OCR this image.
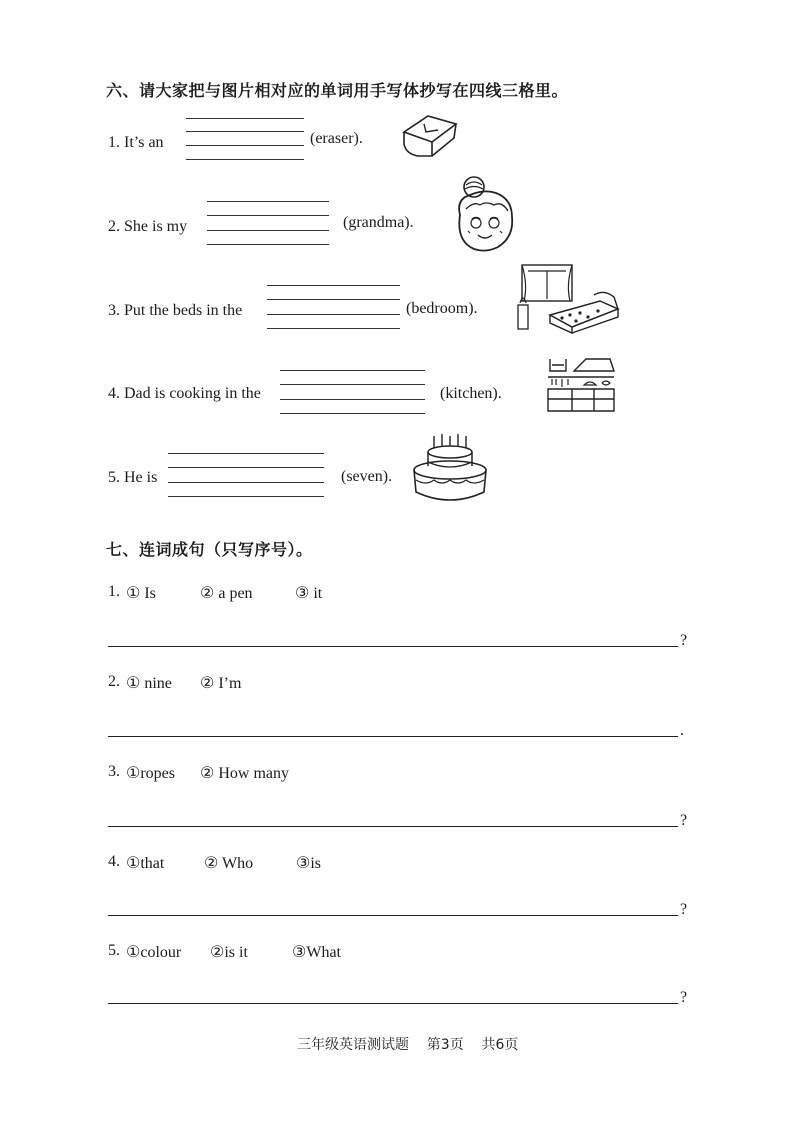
六、请大家把与图片相对应的单词用手写体抄写在四线三格里。
1. It’s an	(eraser).
2. She is my	(grandma).
3. Put the beds in the	(bedroom).
4. Dad is cooking in the	(kitchen).
5. He is	(seven).
七、连词成句（只写序号）。
1. ① Is	② a pen	③ it
?
2. ① nine ② I’m
.
3. ①ropes ② How many
?
4. ①that ② Who	③is
?
5. ①colour ②is it	③What
?
三年级英语测试题    第3页    共6页
